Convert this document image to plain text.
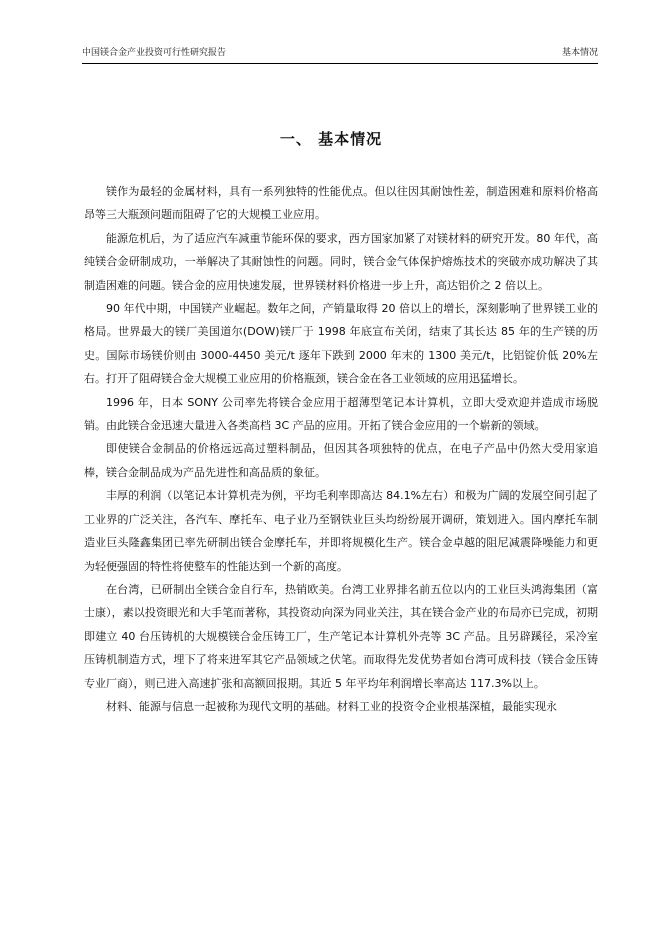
中国镁合金产业投资可行性研究报告	基本情况
一、 基本情况

镁作为最轻的金属材料，具有一系列独特的性能优点。但以往因其耐蚀性差，制造困难和原料价格高昂等三大瓶颈问题而阻碍了它的大规模工业应用。

能源危机后，为了适应汽车减重节能环保的要求，西方国家加紧了对镁材料的研究开发。80 年代，高纯镁合金研制成功，一举解决了其耐蚀性的问题。同时，镁合金气体保护熔炼技术的突破亦成功解决了其制造困难的问题。镁合金的应用快速发展，世界镁材料价格进一步上升，高达铝价之 2 倍以上。

90 年代中期，中国镁产业崛起。数年之间，产销量取得 20 倍以上的增长，深刻影响了世界镁工业的格局。世界最大的镁厂美国道尔(DOW)镁厂于 1998 年底宣布关闭，结束了其长达 85 年的生产镁的历史。国际市场镁价则由 3000-4450 美元/t 逐年下跌到 2000 年末的 1300 美元/t，比铝锭价低 20%左右。打开了阻碍镁合金大规模工业应用的价格瓶颈，镁合金在各工业领域的应用迅猛增长。

1996 年，日本 SONY 公司率先将镁合金应用于超薄型笔记本计算机，立即大受欢迎并造成市场脱销。由此镁合金迅速大量进入各类高档 3C 产品的应用。开拓了镁合金应用的一个崭新的领域。

即使镁合金制品的价格远远高过塑料制品，但因其各项独特的优点，在电子产品中仍然大受用家追棒，镁合金制品成为产品先进性和高品质的象征。

丰厚的利润（以笔记本计算机壳为例，平均毛利率即高达 84.1%左右）和极为广阔的发展空间引起了工业界的广泛关注，各汽车、摩托车、电子业乃至钢铁业巨头均纷纷展开调研，策划进入。国内摩托车制造业巨头隆鑫集团已率先研制出镁合金摩托车，并即将规模化生产。镁合金卓越的阻尼减震降噪能力和更为轻便强固的特性将使整车的性能达到一个新的高度。

在台湾，已研制出全镁合金自行车，热销欧美。台湾工业界排名前五位以内的工业巨头鸿海集团（富士康），素以投资眼光和大手笔而著称，其投资动向深为同业关注，其在镁合金产业的布局亦已完成，初期即建立 40 台压铸机的大规模镁合金压铸工厂，生产笔记本计算机外壳等 3C 产品。且另辟蹊径，采冷室压铸机制造方式，埋下了将来进军其它产品领域之伏笔。而取得先发优势者如台湾可成科技（镁合金压铸专业厂商），则已进入高速扩张和高额回报期。其近 5 年平均年利润增长率高达 117.3%以上。

材料、能源与信息一起被称为现代文明的基础。材料工业的投资令企业根基深植，最能实现永
